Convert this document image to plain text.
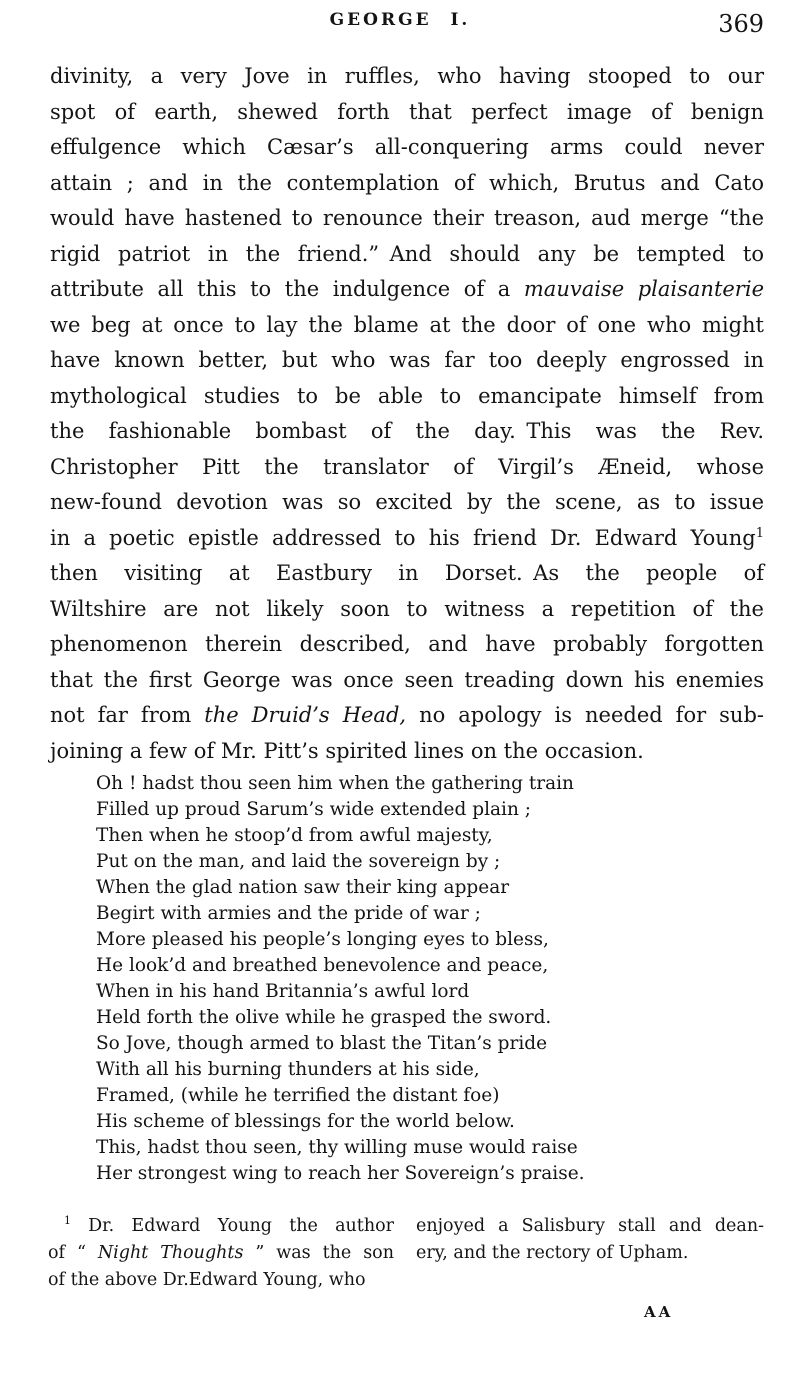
GEORGE I.	369
divinity, a very Jove in ruffles, who having stooped to our
spot of earth, shewed forth that perfect image of benign
effulgence which Cæsar’s all-conquering arms could never
attain ; and in the contemplation of which, Brutus and Cato
would have hastened to renounce their treason, aud merge “the
rigid patriot in the friend.” And should any be tempted to
attribute all this to the indulgence of a mauvaise plaisanterie
we beg at once to lay the blame at the door of one who might
have known better, but who was far too deeply engrossed in
mythological studies to be able to emancipate himself from
the fashionable bombast of the day. This was the Rev.
Christopher Pitt the translator of Virgil’s Æneid, whose
new-found devotion was so excited by the scene, as to issue
in a poetic epistle addressed to his friend Dr. Edward Young$^1$
then visiting at Eastbury in Dorset. As the people of
Wiltshire are not likely soon to witness a repetition of the
phenomenon therein described, and have probably forgotten
that the first George was once seen treading down his enemies
not far from the Druid’s Head, no apology is needed for sub-
joining a few of Mr. Pitt’s spirited lines on the occasion.
Oh ! hadst thou seen him when the gathering train
Filled up proud Sarum’s wide extended plain ;
Then when he stoop’d from awful majesty,
Put on the man, and laid the sovereign by ;
When the glad nation saw their king appear
Begirt with armies and the pride of war ;
More pleased his people’s longing eyes to bless,
He look’d and breathed benevolence and peace,
When in his hand Britannia’s awful lord
Held forth the olive while he grasped the sword.
So Jove, though armed to blast the Titan’s pride
With all his burning thunders at his side,
Framed, (while he terrified the distant foe)
His scheme of blessings for the world below.
This, hadst thou seen, thy willing muse would raise
Her strongest wing to reach her Sovereign’s praise.
$^1$ Dr. Edward Young the author
of “ Night Thoughts ” was the son
of the above Dr.Edward Young, who
enjoyed a Salisbury stall and dean-
ery, and the rectory of Upham.
AA
